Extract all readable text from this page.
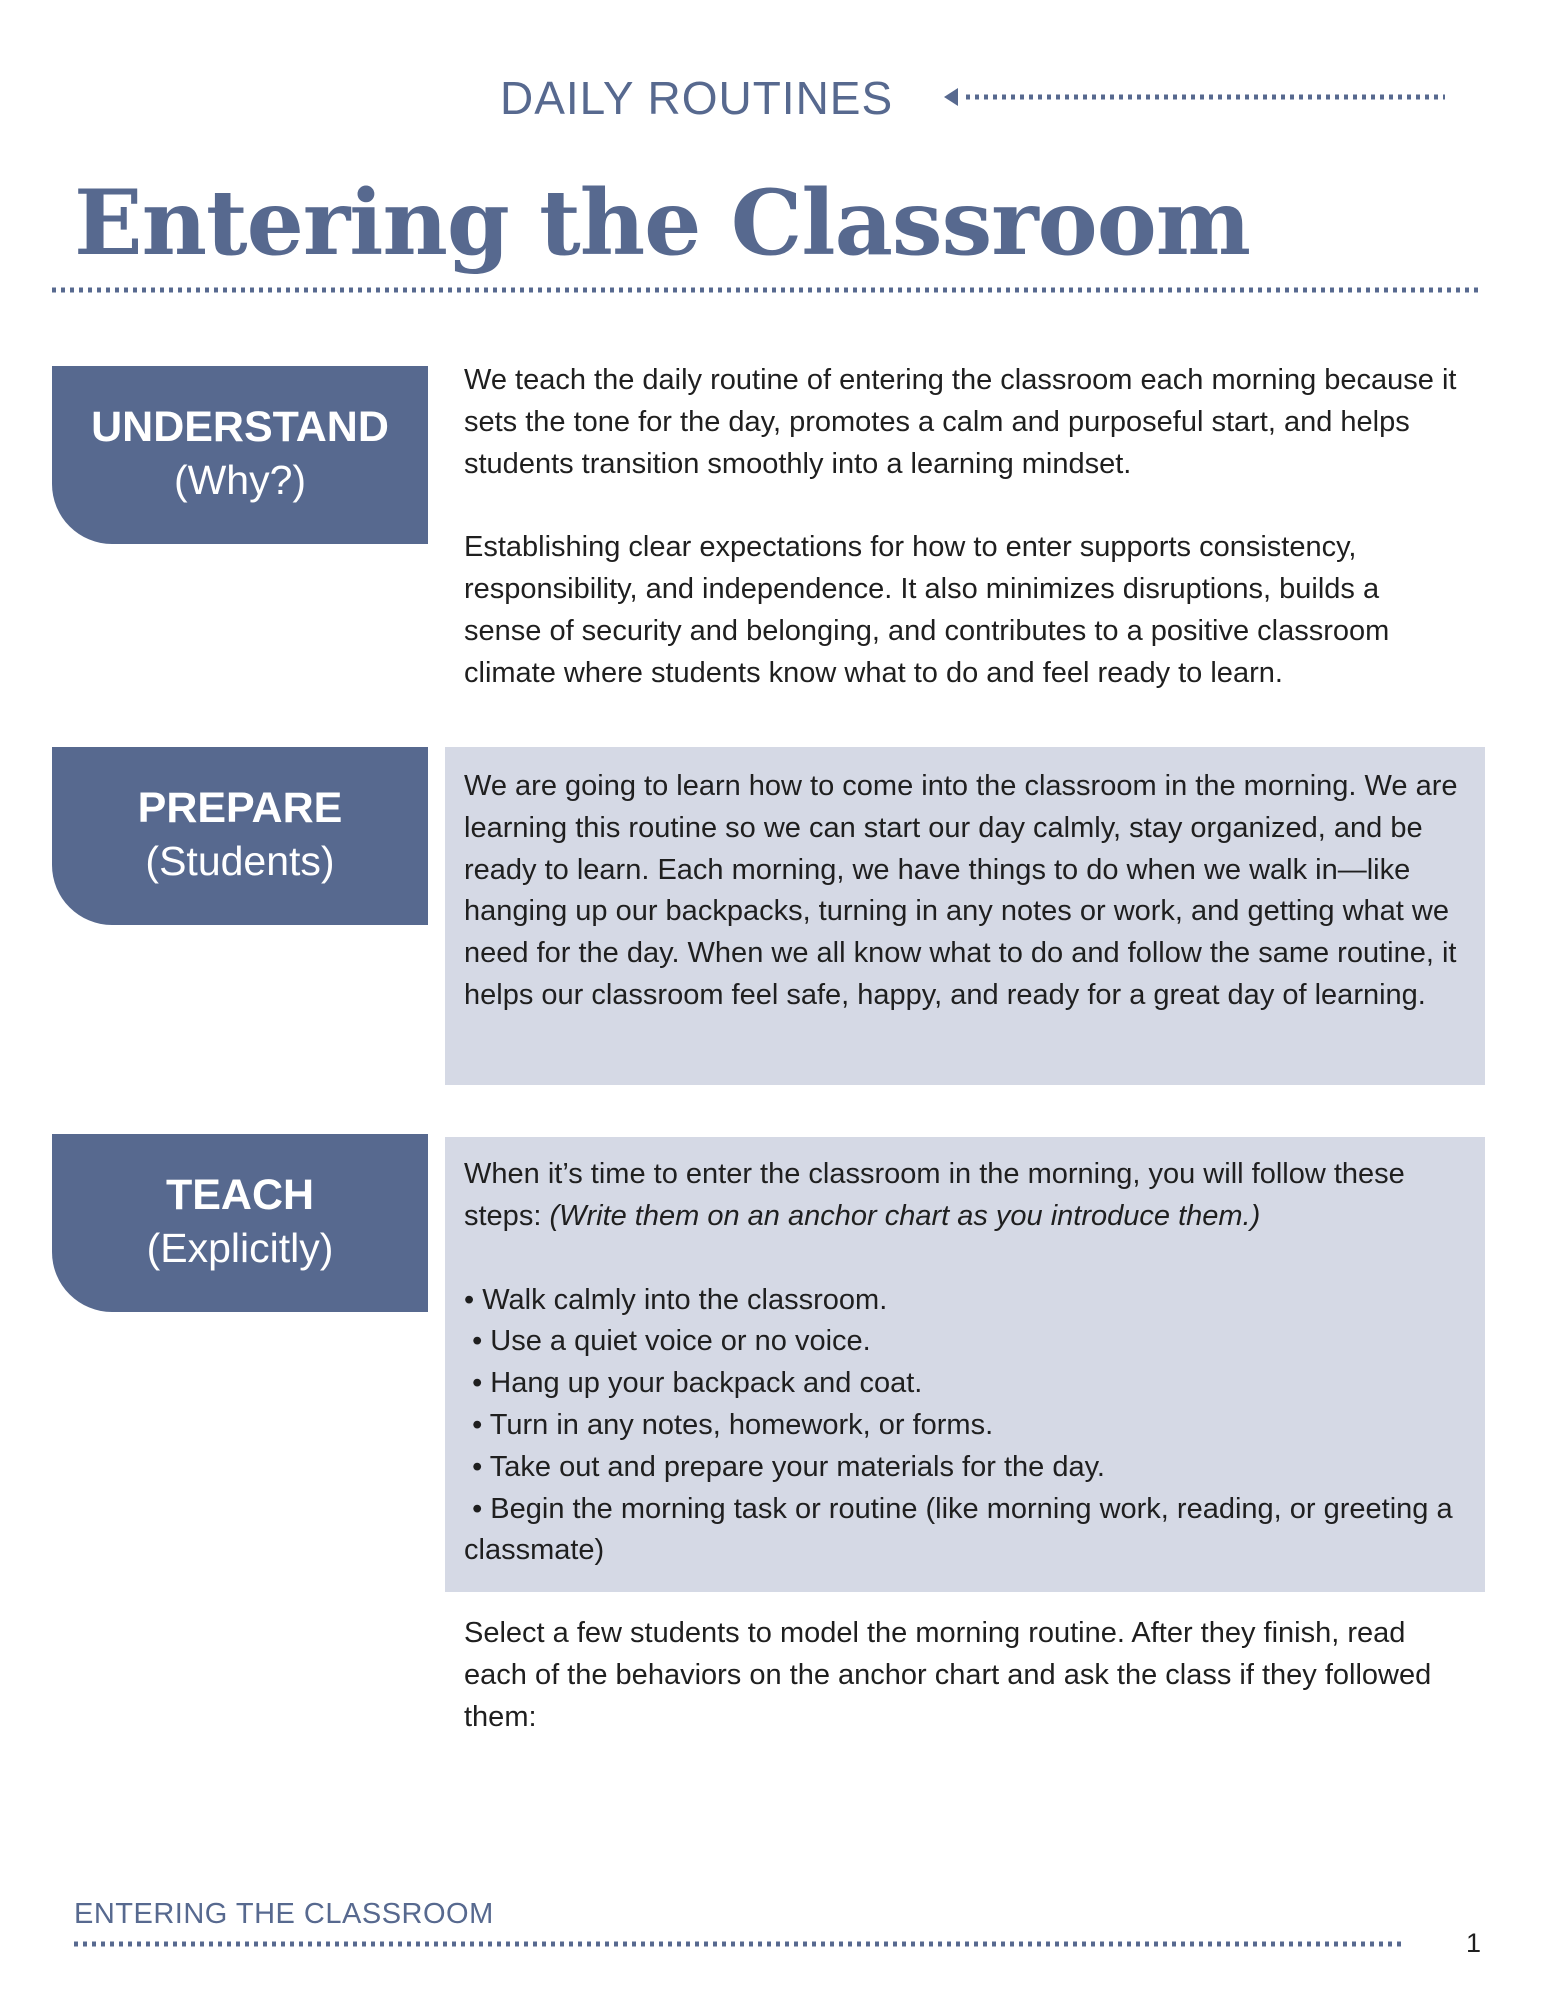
DAILY ROUTINES
Entering the Classroom
UNDERSTAND
(Why?)

We teach the daily routine of entering the classroom each morning because it sets the tone for the day, promotes a calm and purposeful start, and helps students transition smoothly into a learning mindset.

Establishing clear expectations for how to enter supports consistency, responsibility, and independence. It also minimizes disruptions, builds a sense of security and belonging, and contributes to a positive classroom climate where students know what to do and feel ready to learn.

PREPARE
(Students)

We are going to learn how to come into the classroom in the morning. We are learning this routine so we can start our day calmly, stay organized, and be ready to learn. Each morning, we have things to do when we walk in—like hanging up our backpacks, turning in any notes or work, and getting what we need for the day. When we all know what to do and follow the same routine, it helps our classroom feel safe, happy, and ready for a great day of learning.

TEACH
(Explicitly)

When it’s time to enter the classroom in the morning, you will follow these steps: (Write them on an anchor chart as you introduce them.)

• Walk calmly into the classroom.
• Use a quiet voice or no voice.
• Hang up your backpack and coat.
• Turn in any notes, homework, or forms.
• Take out and prepare your materials for the day.
• Begin the morning task or routine (like morning work, reading, or greeting a classmate)
Select a few students to model the morning routine. After they finish, read each of the behaviors on the anchor chart and ask the class if they followed them:
ENTERING THE CLASSROOM
1
